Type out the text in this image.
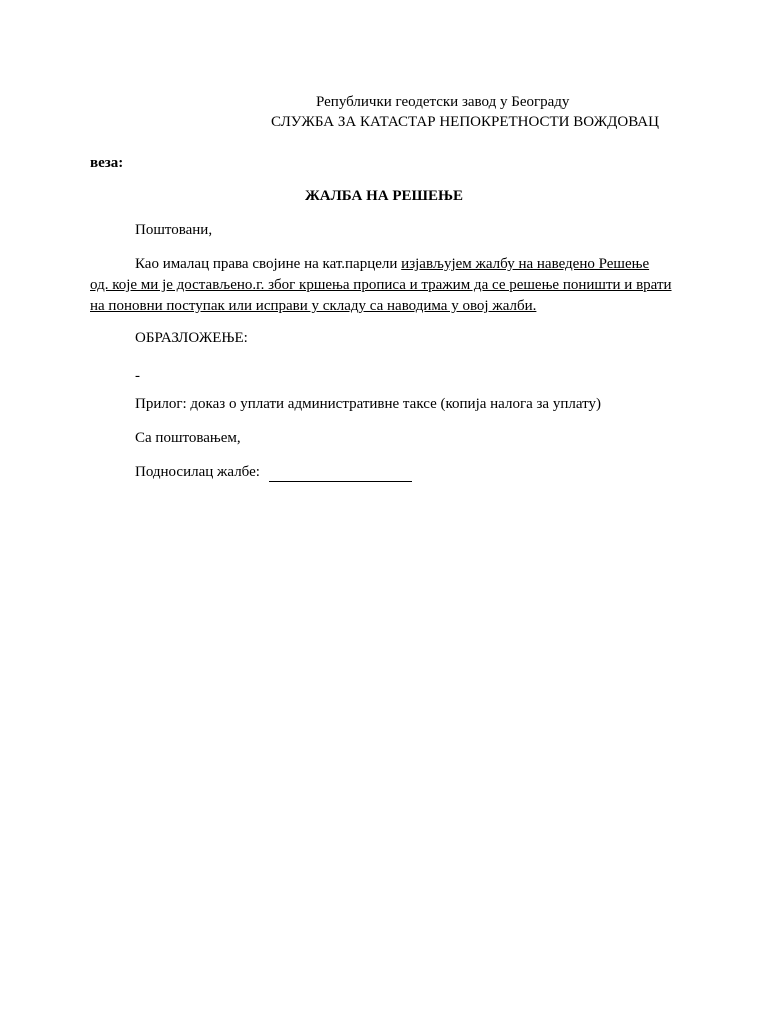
Републички геодетски завод у Београду
СЛУЖБА ЗА КАТАСТАР НЕПОКРЕТНОСТИ ВОЖДОВАЦ
веза:
ЖАЛБА НА РЕШЕЊЕ
Поштовани,
Као ималац права својине на кат.парцели изјављујем жалбу на наведено Решење
од. које ми је достављено.г. због кршења прописа и тражим да се решење поништи и врати
на поновни поступак или исправи у складу са наводима у овој жалби.
ОБРАЗЛОЖЕЊЕ:
-
Прилог: доказ о уплати административне таксе (копија налога за уплату)
Са поштовањем,
Подносилац жалбе:
